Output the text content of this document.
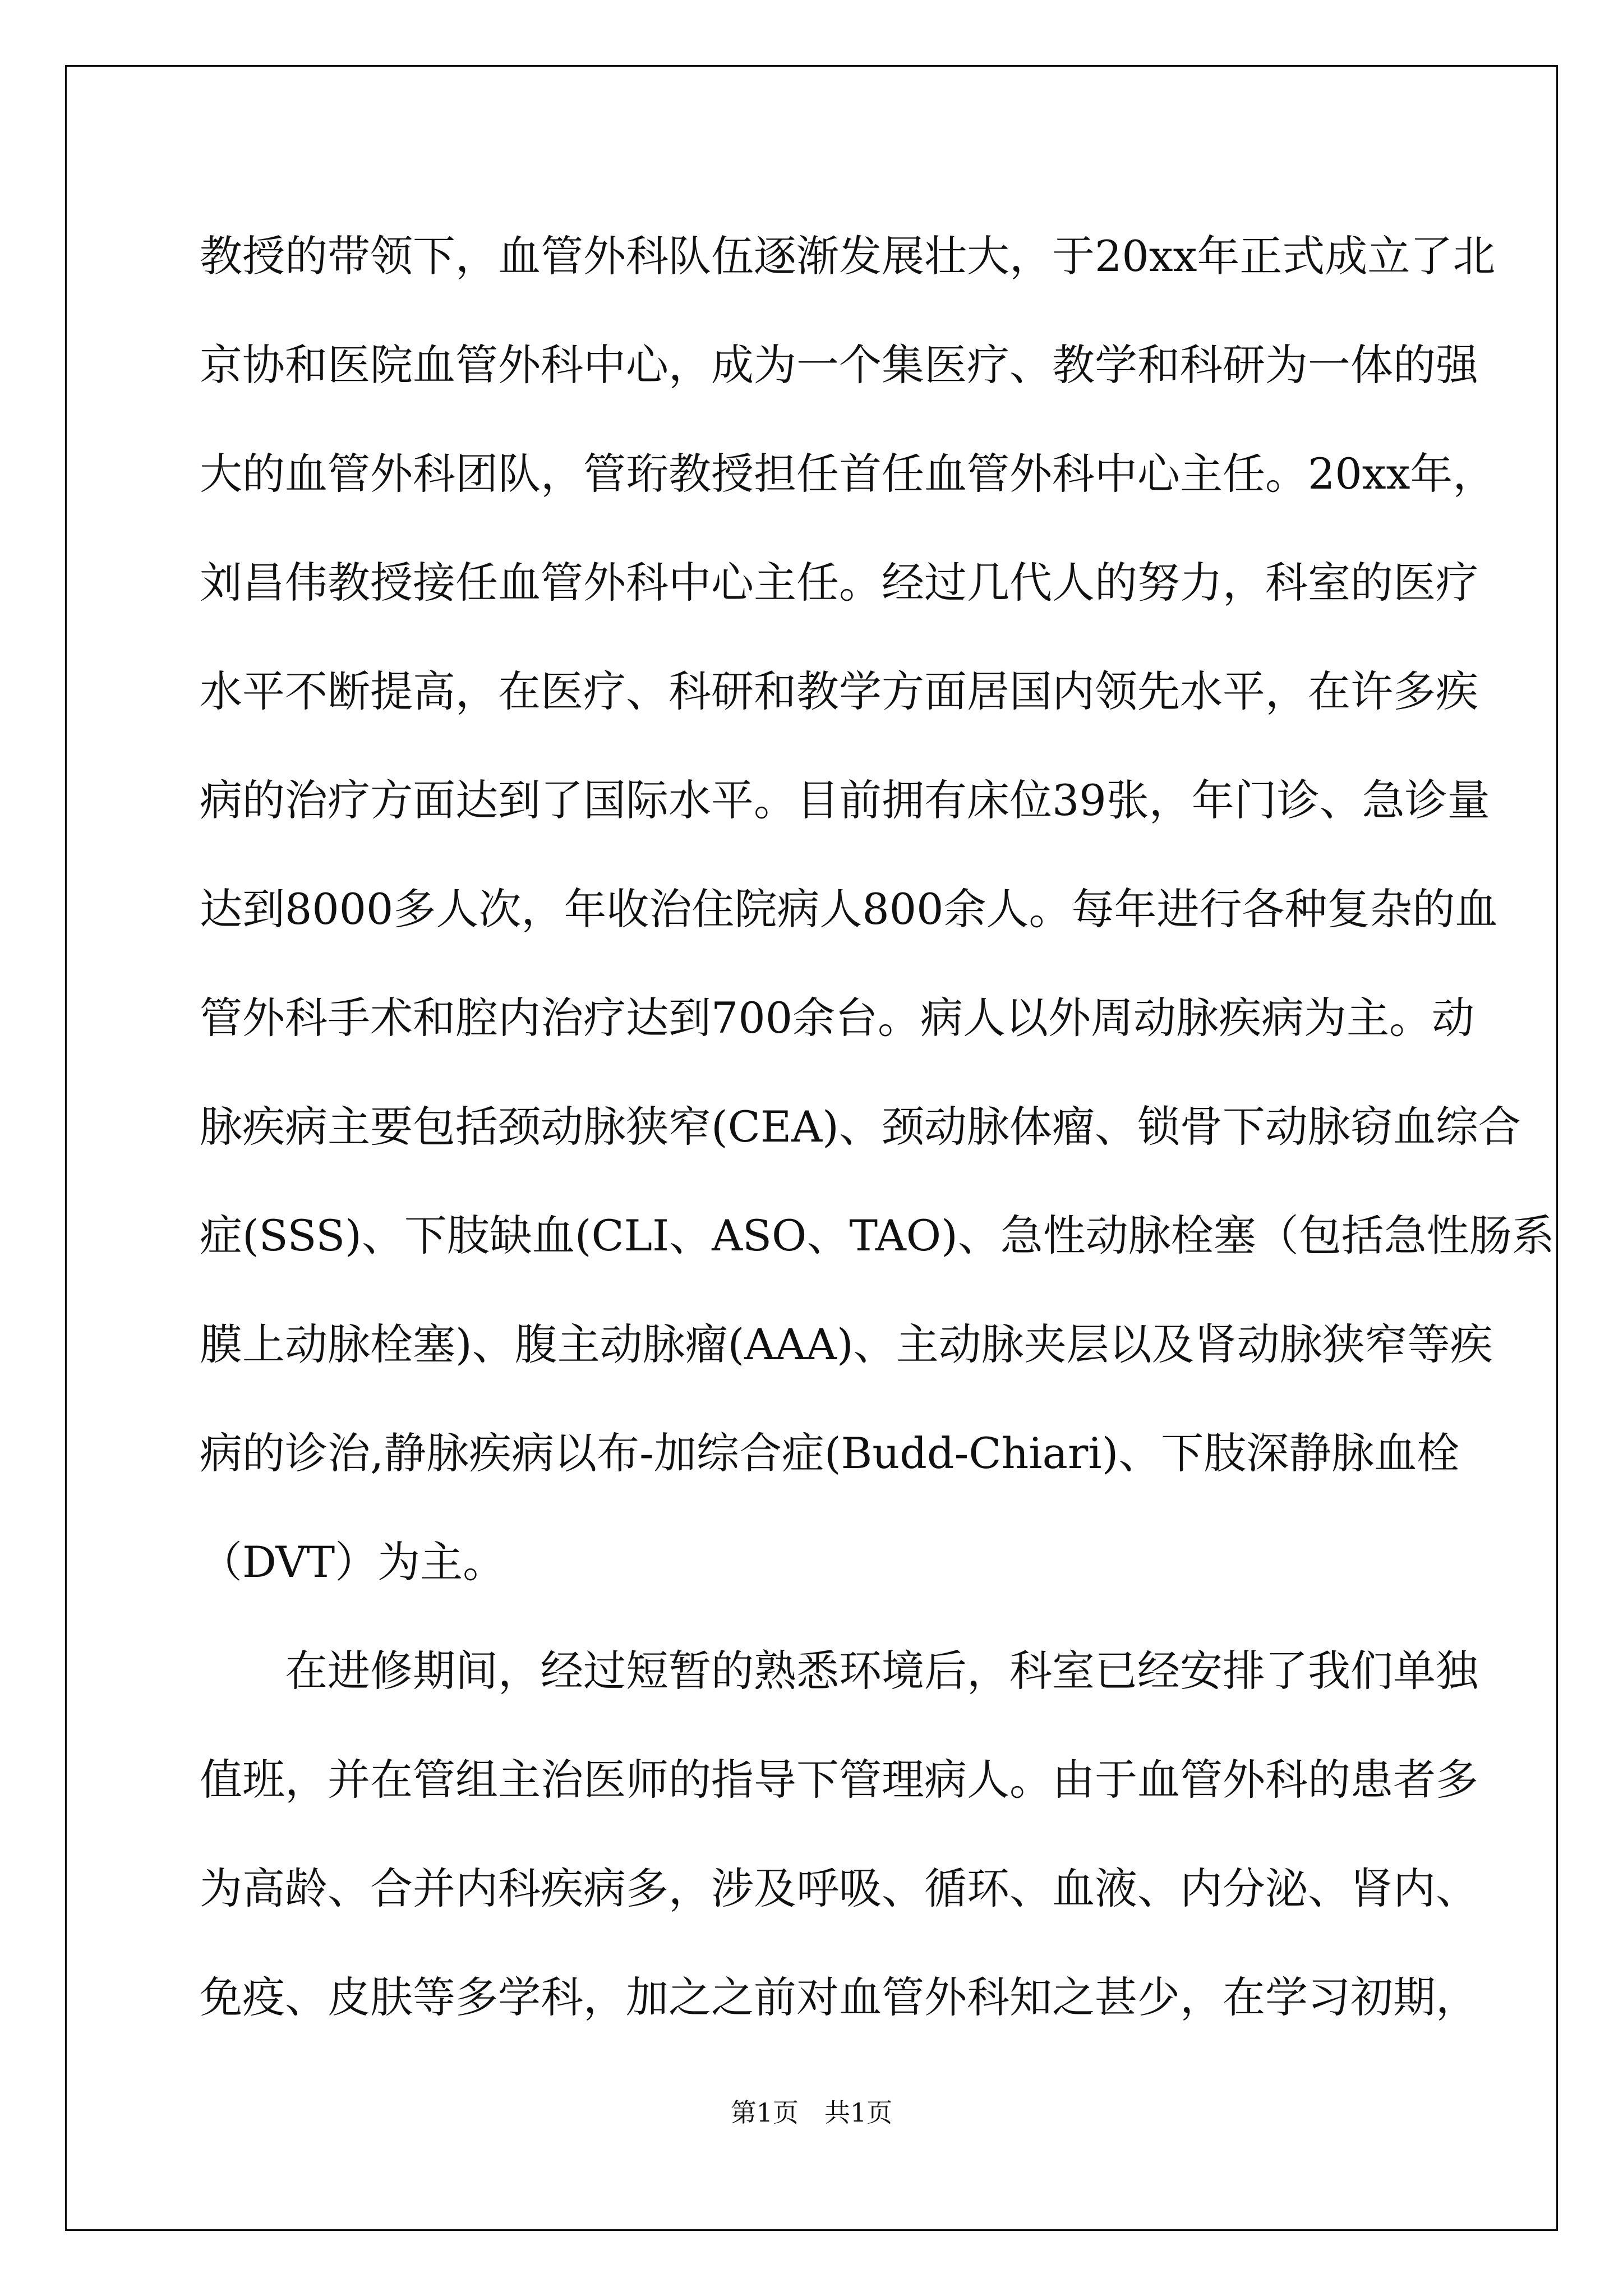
教授的带领下，血管外科队伍逐渐发展壮大，于20xx年正式成立了北
京协和医院血管外科中心，成为一个集医疗、教学和科研为一体的强
大的血管外科团队，管珩教授担任首任血管外科中心主任。20xx年，
刘昌伟教授接任血管外科中心主任。经过几代人的努力，科室的医疗
水平不断提高，在医疗、科研和教学方面居国内领先水平，在许多疾
病的治疗方面达到了国际水平。目前拥有床位39张，年门诊、急诊量
达到8000多人次，年收治住院病人800余人。每年进行各种复杂的血
管外科手术和腔内治疗达到700余台。病人以外周动脉疾病为主。动
脉疾病主要包括颈动脉狭窄(CEA)、颈动脉体瘤、锁骨下动脉窃血综合
症(SSS)、下肢缺血(CLI、ASO、TAO)、急性动脉栓塞（包括急性肠系
膜上动脉栓塞)、腹主动脉瘤(AAA)、主动脉夹层以及肾动脉狭窄等疾
病的诊治,静脉疾病以布-加综合症(Budd-Chiari)、下肢深静脉血栓
（DVT）为主。
在进修期间，经过短暂的熟悉环境后，科室已经安排了我们单独
值班，并在管组主治医师的指导下管理病人。由于血管外科的患者多
为高龄、合并内科疾病多，涉及呼吸、循环、血液、内分泌、肾内、
免疫、皮肤等多学科，加之之前对血管外科知之甚少，在学习初期，
第1页　共1页
